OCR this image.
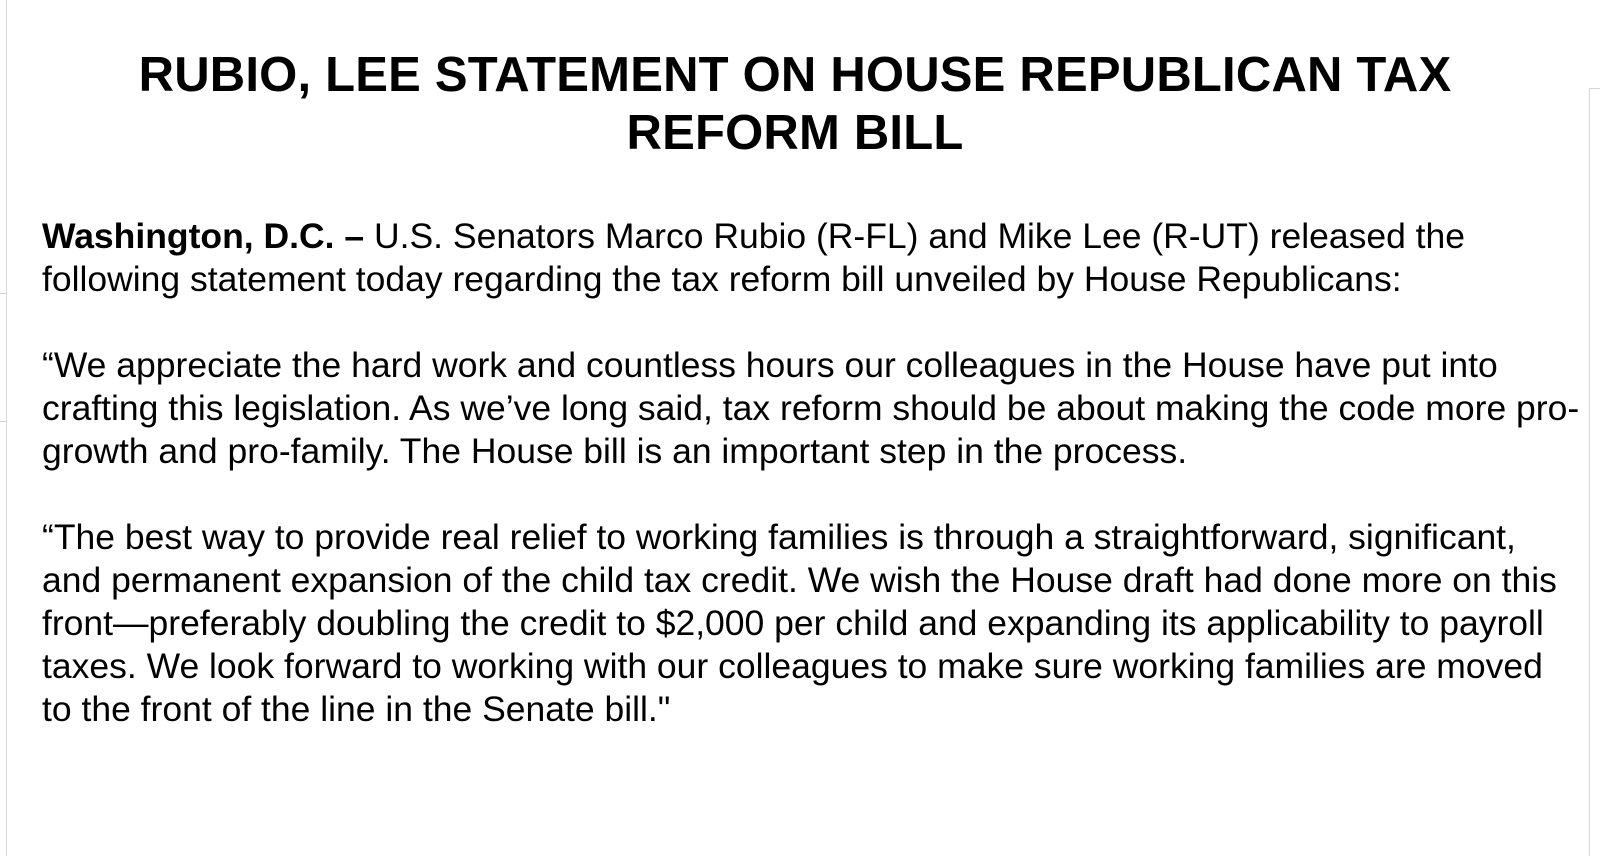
RUBIO, LEE STATEMENT ON HOUSE REPUBLICAN TAX REFORM BILL

Washington, D.C. – U.S. Senators Marco Rubio (R-FL) and Mike Lee (R-UT) released the following statement today regarding the tax reform bill unveiled by House Republicans:

“We appreciate the hard work and countless hours our colleagues in the House have put into crafting this legislation. As we’ve long said, tax reform should be about making the code more pro-growth and pro-family. The House bill is an important step in the process.

“The best way to provide real relief to working families is through a straightforward, significant, and permanent expansion of the child tax credit. We wish the House draft had done more on this front—preferably doubling the credit to $2,000 per child and expanding its applicability to payroll taxes. We look forward to working with our colleagues to make sure working families are moved to the front of the line in the Senate bill."
